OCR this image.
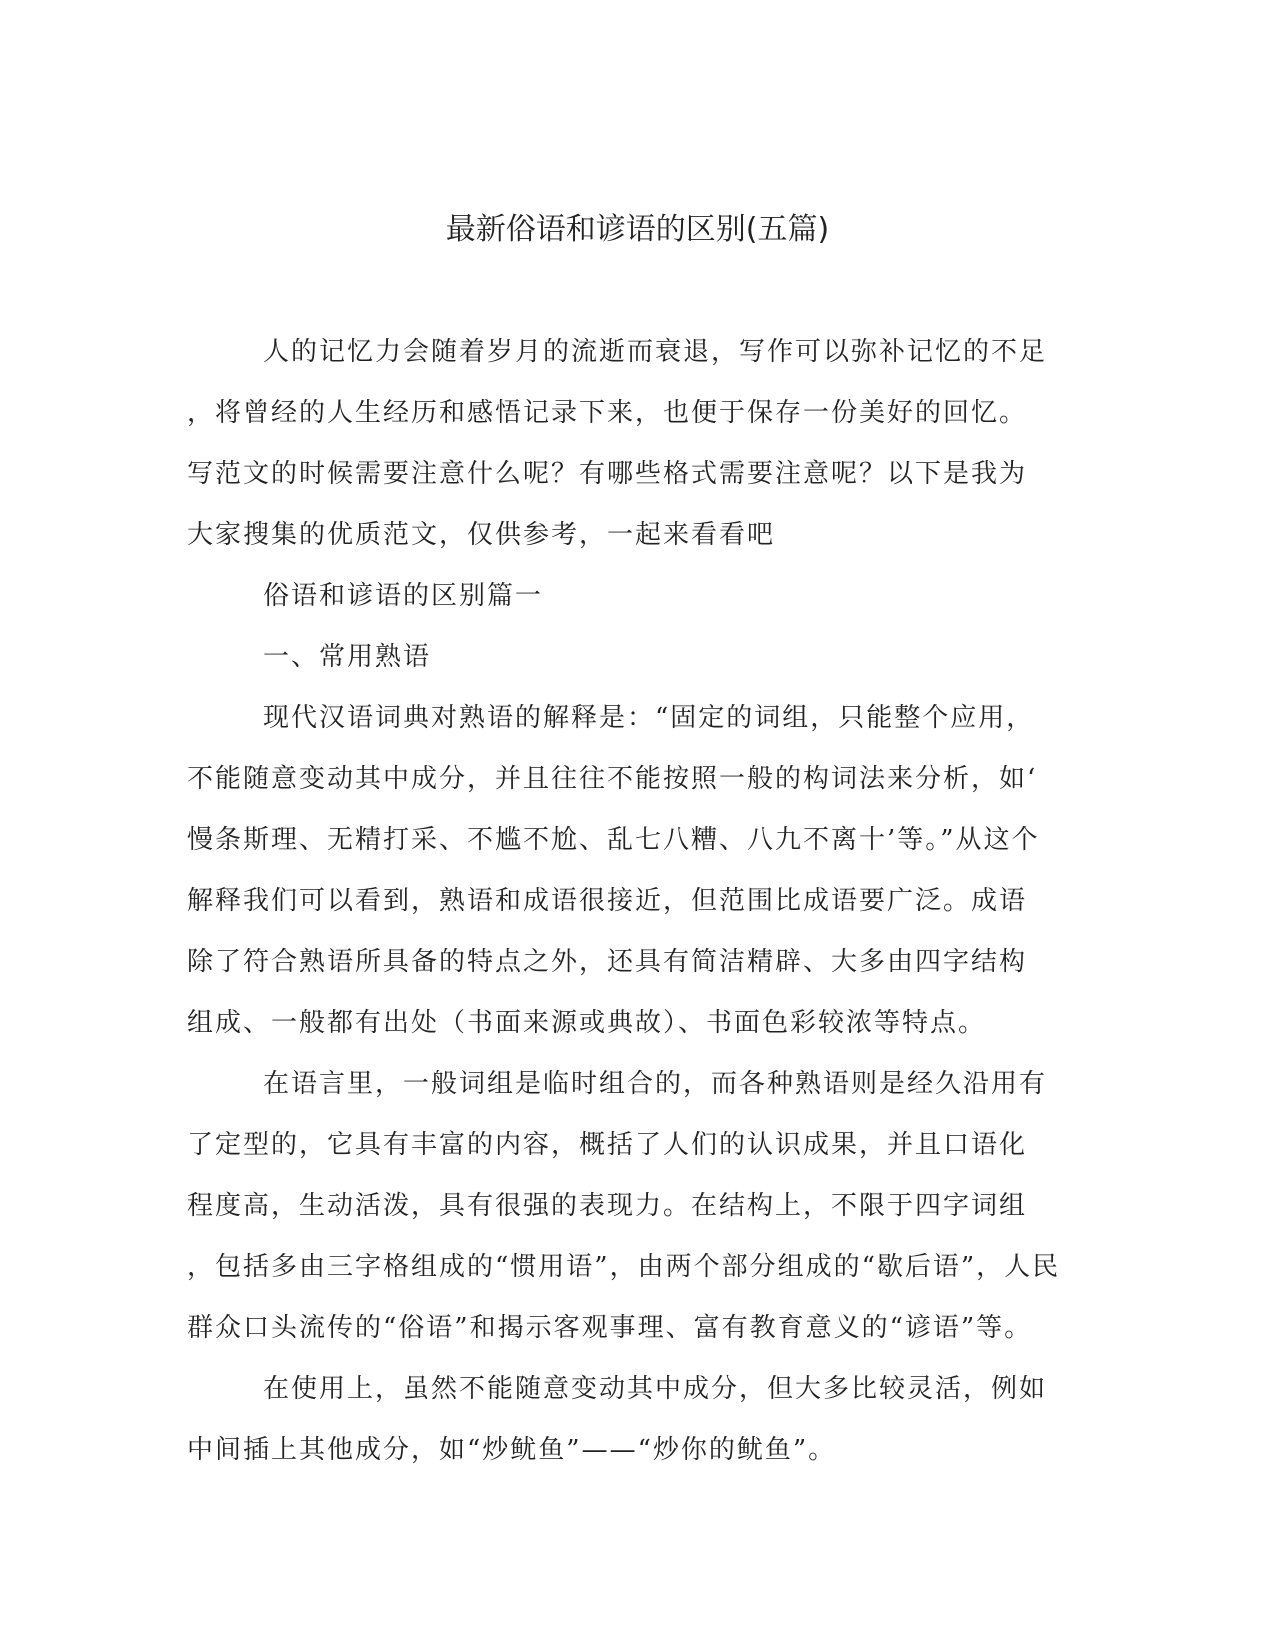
最新俗语和谚语的区别(五篇)
人的记忆力会随着岁月的流逝而衰退，写作可以弥补记忆的不足
，将曾经的人生经历和感悟记录下来，也便于保存一份美好的回忆。
写范文的时候需要注意什么呢？有哪些格式需要注意呢？以下是我为
大家搜集的优质范文，仅供参考，一起来看看吧
俗语和谚语的区别篇一
一、常用熟语
现代汉语词典对熟语的解释是：“固定的词组，只能整个应用，
不能随意变动其中成分，并且往往不能按照一般的构词法来分析，如‘
慢条斯理、无精打采、不尴不尬、乱七八糟、八九不离十’等。”从这个
解释我们可以看到，熟语和成语很接近，但范围比成语要广泛。成语
除了符合熟语所具备的特点之外，还具有简洁精辟、大多由四字结构
组成、一般都有出处（书面来源或典故）、书面色彩较浓等特点。
在语言里，一般词组是临时组合的，而各种熟语则是经久沿用有
了定型的，它具有丰富的内容，概括了人们的认识成果，并且口语化
程度高，生动活泼，具有很强的表现力。在结构上，不限于四字词组
，包括多由三字格组成的“惯用语”，由两个部分组成的“歇后语”，人民
群众口头流传的“俗语”和揭示客观事理、富有教育意义的“谚语”等。
在使用上，虽然不能随意变动其中成分，但大多比较灵活，例如
中间插上其他成分，如“炒鱿鱼”——“炒你的鱿鱼”。
